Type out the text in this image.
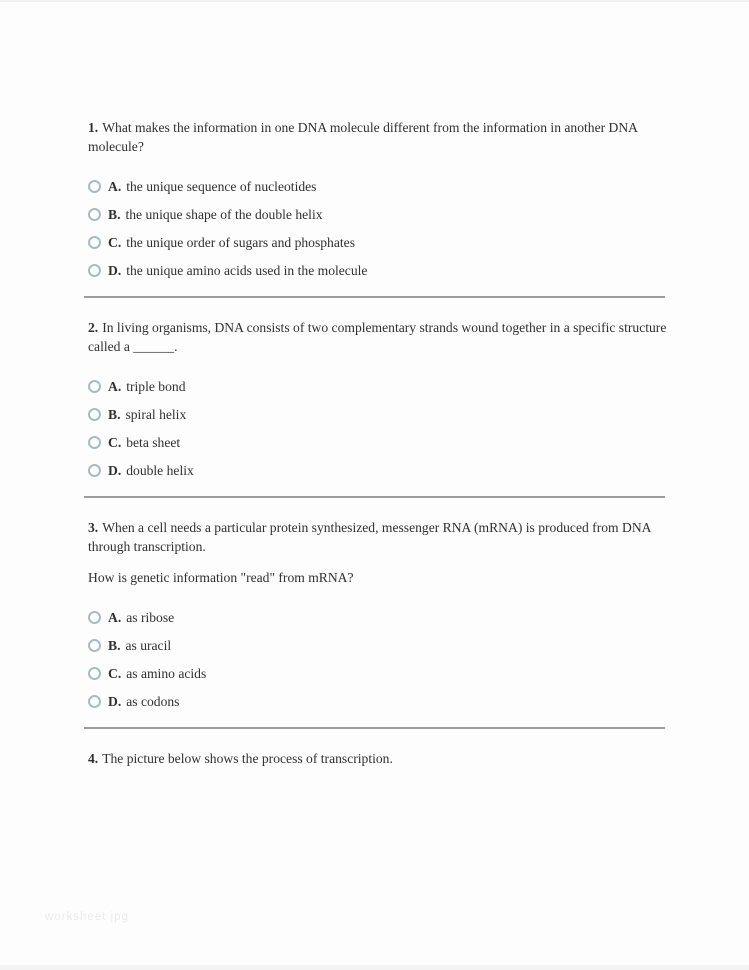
1. What makes the information in one DNA molecule different from the information in another DNA molecule?

A. the unique sequence of nucleotides
B. the unique shape of the double helix
C. the unique order of sugars and phosphates
D. the unique amino acids used in the molecule

2. In living organisms, DNA consists of two complementary strands wound together in a specific structure called a ______.

A. triple bond
B. spiral helix
C. beta sheet
D. double helix

3. When a cell needs a particular protein synthesized, messenger RNA (mRNA) is produced from DNA through transcription.

How is genetic information "read" from mRNA?

A. as ribose
B. as uracil
C. as amino acids
D. as codons

4. The picture below shows the process of transcription.

worksheet jpg
